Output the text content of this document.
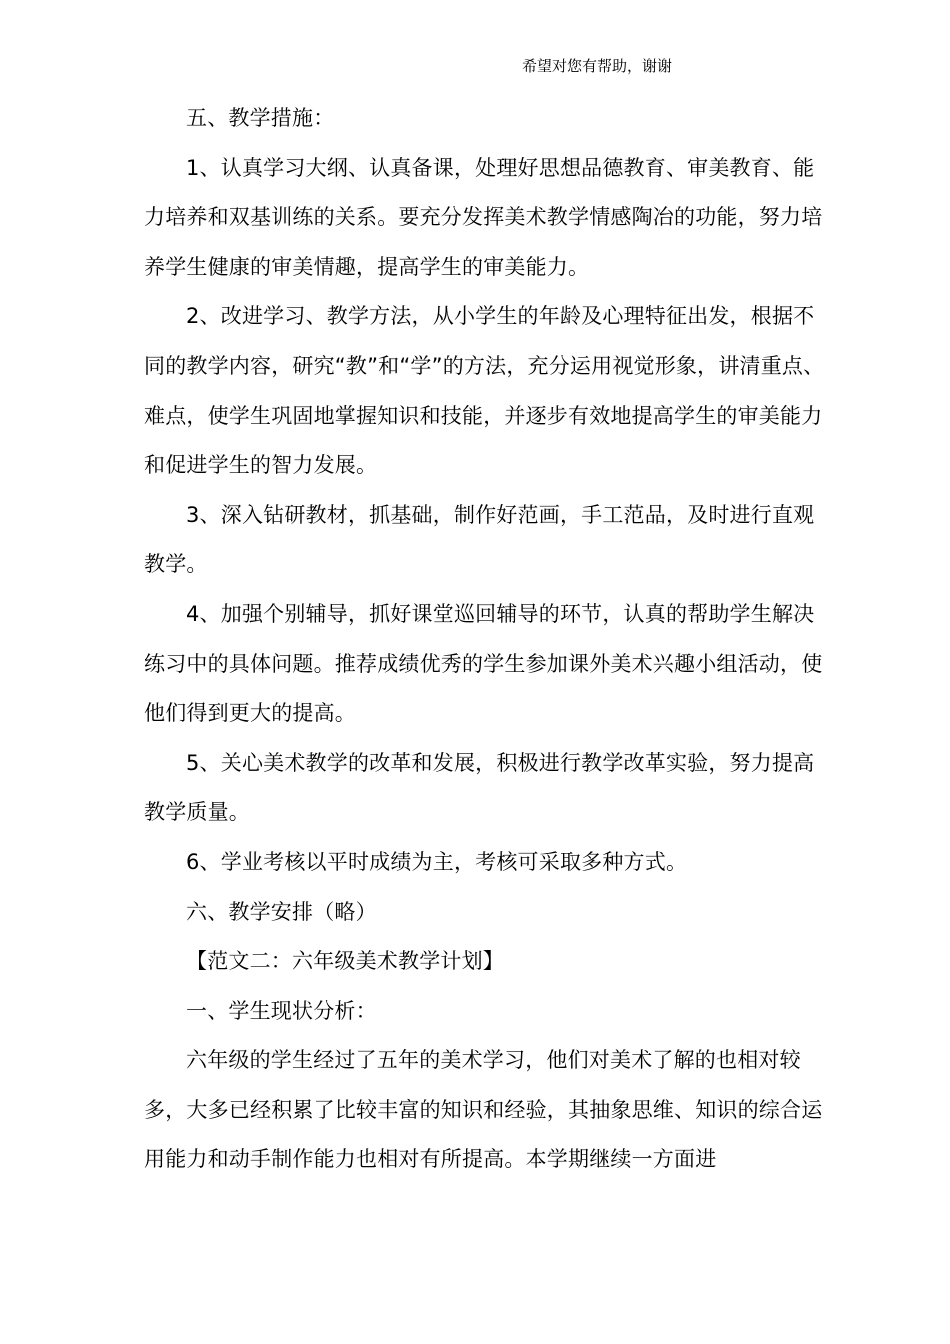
希望对您有帮助，谢谢

五、教学措施：

1、认真学习大纲、认真备课，处理好思想品德教育、审美教育、能力培养和双基训练的关系。要充分发挥美术教学情感陶冶的功能，努力培养学生健康的审美情趣，提高学生的审美能力。

2、改进学习、教学方法，从小学生的年龄及心理特征出发，根据不同的教学内容，研究“教”和“学”的方法，充分运用视觉形象，讲清重点、难点，使学生巩固地掌握知识和技能，并逐步有效地提高学生的审美能力和促进学生的智力发展。

3、深入钻研教材，抓基础，制作好范画，手工范品，及时进行直观教学。

4、加强个别辅导，抓好课堂巡回辅导的环节，认真的帮助学生解决练习中的具体问题。推荐成绩优秀的学生参加课外美术兴趣小组活动，使他们得到更大的提高。

5、关心美术教学的改革和发展，积极进行教学改革实验，努力提高教学质量。

6、学业考核以平时成绩为主，考核可采取多种方式。

六、教学安排（略）

【范文二：六年级美术教学计划】

一、学生现状分析：

六年级的学生经过了五年的美术学习，他们对美术了解的也相对较多，大多已经积累了比较丰富的知识和经验，其抽象思维、知识的综合运用能力和动手制作能力也相对有所提高。本学期继续一方面进
